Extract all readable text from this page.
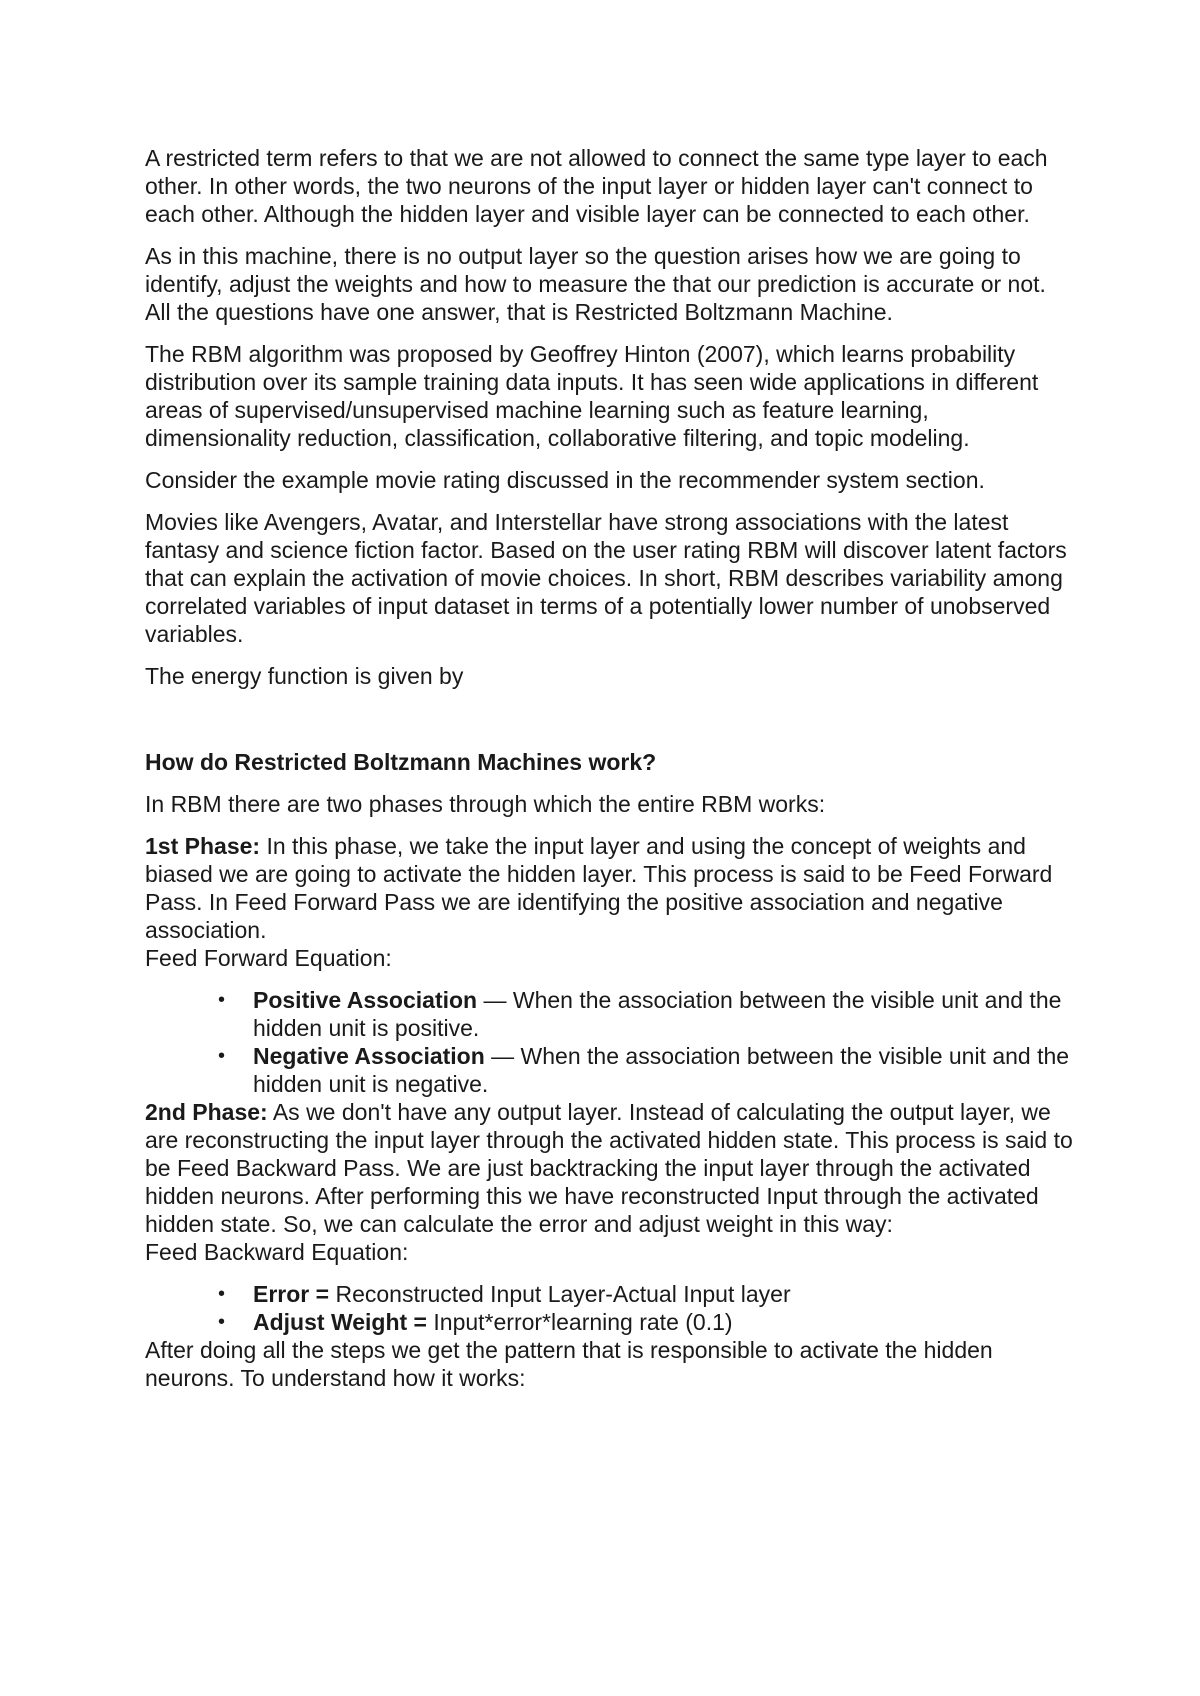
A restricted term refers to that we are not allowed to connect the same type layer to each other. In other words, the two neurons of the input layer or hidden layer can't connect to each other. Although the hidden layer and visible layer can be connected to each other.

As in this machine, there is no output layer so the question arises how we are going to identify, adjust the weights and how to measure the that our prediction is accurate or not. All the questions have one answer, that is Restricted Boltzmann Machine.

The RBM algorithm was proposed by Geoffrey Hinton (2007), which learns probability distribution over its sample training data inputs. It has seen wide applications in different areas of supervised/unsupervised machine learning such as feature learning, dimensionality reduction, classification, collaborative filtering, and topic modeling.

Consider the example movie rating discussed in the recommender system section.

Movies like Avengers, Avatar, and Interstellar have strong associations with the latest fantasy and science fiction factor. Based on the user rating RBM will discover latent factors that can explain the activation of movie choices. In short, RBM describes variability among correlated variables of input dataset in terms of a potentially lower number of unobserved variables.

The energy function is given by

How do Restricted Boltzmann Machines work?

In RBM there are two phases through which the entire RBM works:

1st Phase: In this phase, we take the input layer and using the concept of weights and biased we are going to activate the hidden layer. This process is said to be Feed Forward Pass. In Feed Forward Pass we are identifying the positive association and negative association.

Feed Forward Equation:

• Positive Association — When the association between the visible unit and the hidden unit is positive.
• Negative Association — When the association between the visible unit and the hidden unit is negative.

2nd Phase: As we don't have any output layer. Instead of calculating the output layer, we are reconstructing the input layer through the activated hidden state. This process is said to be Feed Backward Pass. We are just backtracking the input layer through the activated hidden neurons. After performing this we have reconstructed Input through the activated hidden state. So, we can calculate the error and adjust weight in this way:

Feed Backward Equation:

• Error = Reconstructed Input Layer-Actual Input layer
• Adjust Weight = Input*error*learning rate (0.1)

After doing all the steps we get the pattern that is responsible to activate the hidden neurons. To understand how it works:
